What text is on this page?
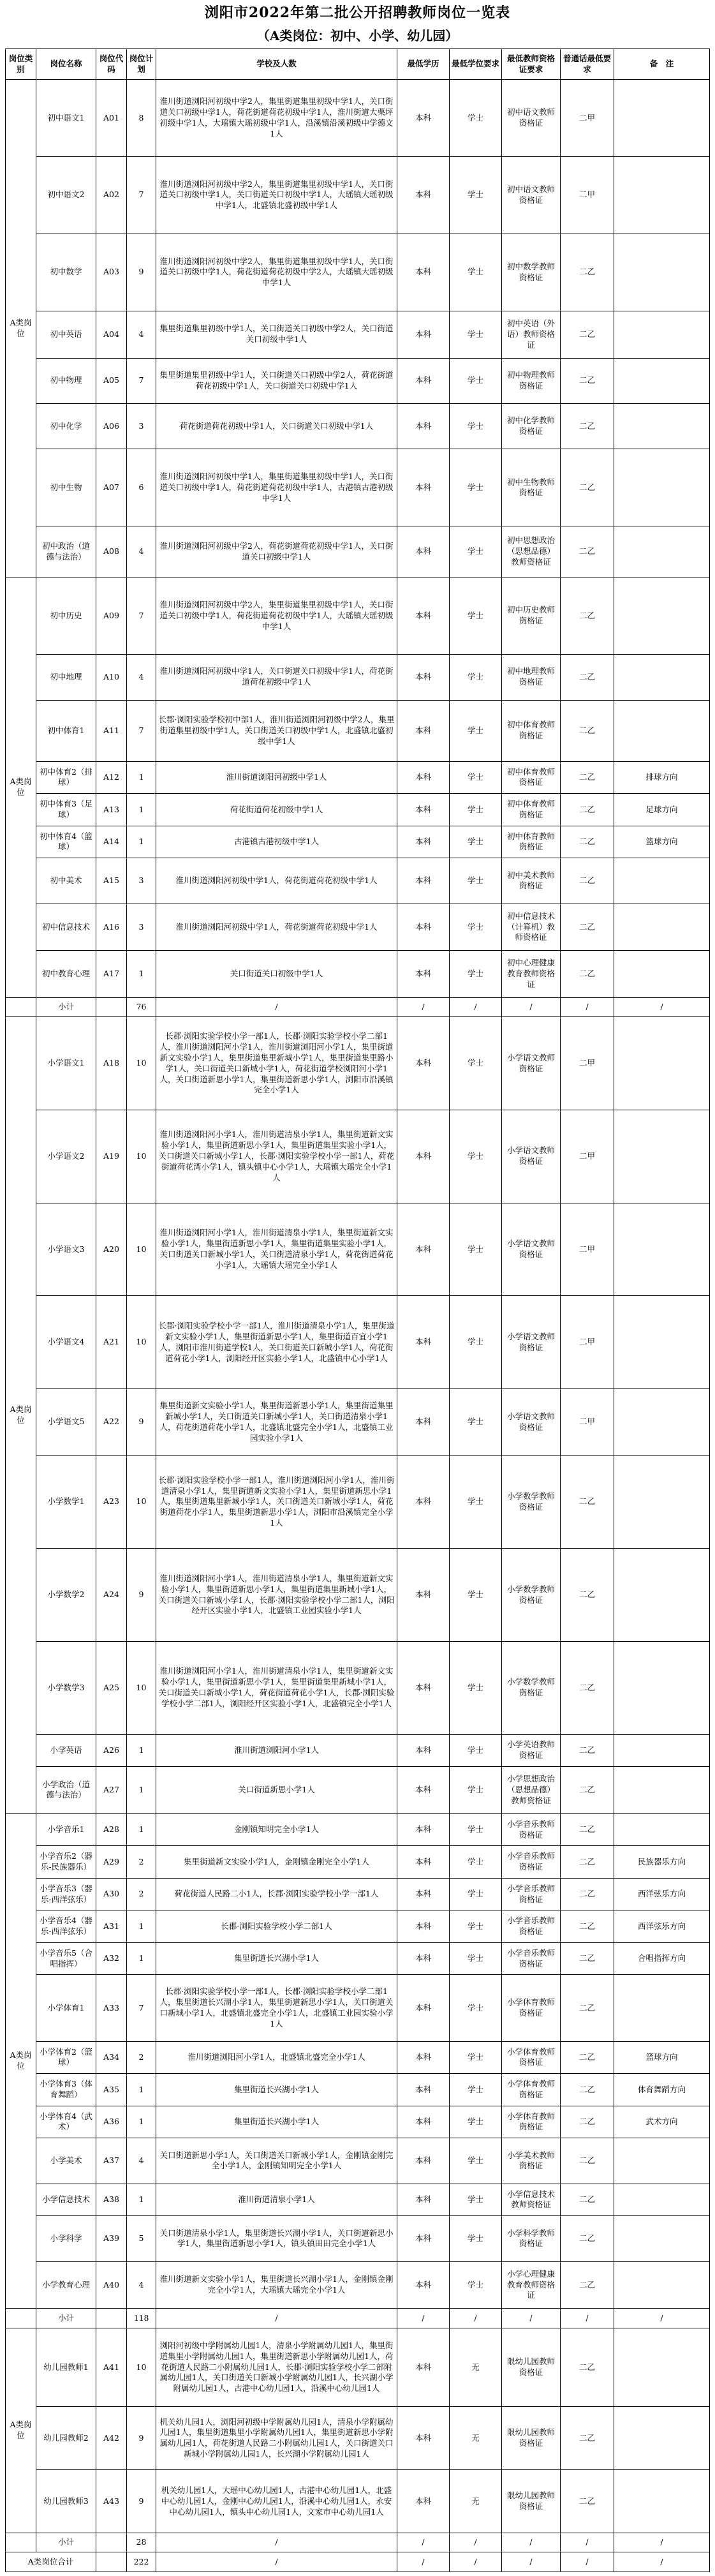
浏阳市2022年第二批公开招聘教师岗位一览表
（A类岗位：初中、小学、幼儿园）
岗位类别	岗位名称	岗位代码	岗位计划	学校及人数	最低学历	最低学位要求	最低教师资格证要求	普通话最低要求	备　注
A类岗位	初中语文1	A01	8	淮川街道浏阳河初级中学2人，集里街道集里初级中学1人，关口街道关口初级中学1人，荷花街道荷花初级中学1人，淮川街道大栗坪初级中学1人，大瑶镇大瑶初级中学1人，沿溪镇沿溪初级中学德文1人	本科	学士	初中语文教师资格证	二甲	
	初中语文2	A02	7	淮川街道浏阳河初级中学2人，集里街道集里初级中学1人，关口街道关口初级中学1人，关口街道关口初级中学1人，大瑶镇大瑶初级中学1人，北盛镇北盛初级中学1人	本科	学士	初中语文教师资格证	二甲	
	初中数学	A03	9	淮川街道浏阳河初级中学2人，集里街道集里初级中学1人，关口街道关口初级中学1人，荷花街道荷花初级中学2人，大瑶镇大瑶初级中学1人	本科	学士	初中数学教师资格证	二乙	
	初中英语	A04	4	集里街道集里初级中学1人，关口街道关口初级中学2人，关口街道关口初级中学1人	本科	学士	初中英语（外语）教师资格证	二乙	
	初中物理	A05	7	集里街道集里初级中学1人，关口街道关口初级中学2人，荷花街道荷花初级中学1人，关口街道关口初级中学1人	本科	学士	初中物理教师资格证	二乙	
	初中化学	A06	3	荷花街道荷花初级中学1人，关口街道关口初级中学1人	本科	学士	初中化学教师资格证	二乙	
	初中生物	A07	6	淮川街道浏阳河初级中学1人，集里街道集里初级中学1人，关口街道关口初级中学1人，荷花街道荷花初级中学1人，古港镇古港初级中学1人	本科	学士	初中生物教师资格证	二乙	
	初中政治（道德与法治）	A08	4	淮川街道浏阳河初级中学2人，荷花街道荷花初级中学1人，关口街道关口初级中学1人	本科	学士	初中思想政治（思想品德）教师资格证	二乙	
A类岗位	初中历史	A09	7	淮川街道浏阳河初级中学2人，集里街道集里初级中学1人，关口街道关口初级中学1人，荷花街道荷花初级中学1人，大瑶镇大瑶初级中学1人	本科	学士	初中历史教师资格证	二乙	
	初中地理	A10	4	淮川街道浏阳河初级中学1人，关口街道关口初级中学1人，荷花街道荷花初级中学1人	本科	学士	初中地理教师资格证	二乙	
	初中体育1	A11	7	长郡·浏阳实验学校初中部1人，淮川街道浏阳河初级中学2人，集里街道集里初级中学1人，关口街道关口初级中学1人，北盛镇北盛初级中学1人	本科	学士	初中体育教师资格证	二乙	
	初中体育2（排球）	A12	1	淮川街道浏阳河初级中学1人	本科	学士	初中体育教师资格证	二乙	排球方向
	初中体育3（足球）	A13	1	荷花街道荷花初级中学1人	本科	学士	初中体育教师资格证	二乙	足球方向
	初中体育4（篮球）	A14	1	古港镇古港初级中学1人	本科	学士	初中体育教师资格证	二乙	篮球方向
	初中美术	A15	3	淮川街道浏阳河初级中学1人，荷花街道荷花初级中学1人	本科	学士	初中美术教师资格证	二乙	
	初中信息技术	A16	3	淮川街道浏阳河初级中学1人，荷花街道荷花初级中学1人	本科	学士	初中信息技术（计算机）教师资格证	二乙	
	初中教育心理	A17	1	关口街道关口初级中学1人	本科	学士	初中心理健康教育教师资格证	二乙	
	小计		76	/	/	/	/	/	/
A类岗位	小学语文1	A18	10	长郡·浏阳实验学校小学一部1人，长郡·浏阳实验学校小学二部1人，淮川街道浏阳河小学1人，淮川街道浏阳河小学1人，集里街道新文实验小学1人，集里街道集里新城小学1人，集里街道集里路小学1人，关口街道关口新城小学1人，荷花街道学校浏阳河小学1人，关口街道新思小学1人，集里街道新思小学1人，浏阳市沿溪镇完全小学1人	本科	学士	小学语文教师资格证	二甲	
	小学语文2	A19	10	淮川街道浏阳河小学1人，淮川街道清泉小学1人，集里街道新文实验小学1人，集里街道新思小学1人，集里街道集里实验小学1人，关口街道关口新城小学1人，长郡·浏阳实验学校小学一部1人，荷花街道荷花湾小学1人，镇头镇中心小学1人，大瑶镇大瑶完全小学1人	本科	学士	小学语文教师资格证	二甲	
	小学语文3	A20	10	淮川街道浏阳河小学1人，淮川街道清泉小学1人，集里街道新文实验小学1人，集里街道新思小学1人，集里街道集里实验小学1人，关口街道关口新城小学1人，关口街道清泉小学1人，荷花街道荷花小学1人，大瑶镇大瑶完全小学1人	本科	学士	小学语文教师资格证	二甲	
	小学语文4	A21	10	长郡·浏阳实验学校小学一部1人，淮川街道清泉小学1人，集里街道新文实验小学1人，集里街道新思小学1人，集里街道百宜小学1人，浏阳市淮川街道学校1人，关口街道关口新城小学1人，荷花街道荷花小学1人，浏阳经开区实验小学1人，北盛镇中心小学1人	本科	学士	小学语文教师资格证	二甲	
	小学语文5	A22	9	集里街道新文实验小学1人，集里街道新思小学1人，集里街道集里新城小学1人，关口街道关口新城小学1人，关口街道清泉小学1人，荷花街道荷花小学1人，北盛镇北盛完全小学1人，北盛镇工业园实验小学1人	本科	学士	小学语文教师资格证	二甲	
	小学数学1	A23	10	长郡·浏阳实验学校小学一部1人，淮川街道浏阳河小学1人，淮川街道清泉小学1人，集里街道新文实验小学1人，集里街道新思小学1人，集里街道集里新城小学1人，关口街道关口新城小学1人，荷花街道荷花小学1人，集里街道新思小学1人，浏阳市沿溪镇完全小学1人	本科	学士	小学数学教师资格证	二乙	
	小学数学2	A24	9	淮川街道浏阳河小学1人，淮川街道清泉小学1人，集里街道新文实验小学1人，集里街道新思小学1人，集里街道集里新城小学1人，关口街道关口新城小学1人，长郡·浏阳实验学校小学二部1人，浏阳经开区实验小学1人，北盛镇工业园实验小学1人	本科	学士	小学数学教师资格证	二乙	
	小学数学3	A25	10	淮川街道浏阳河小学1人，淮川街道清泉小学1人，集里街道新文实验小学1人，集里街道新思小学1人，集里街道集里新城小学1人，关口街道关口新城小学1人，荷花街道荷花小学1人，长郡·浏阳实验学校小学二部1人，浏阳经开区实验小学1人，北盛镇完全小学1人	本科	学士	小学数学教师资格证	二乙	
	小学英语	A26	1	淮川街道浏阳河小学1人	本科	学士	小学英语教师资格证	二乙	
	小学政治（道德与法治）	A27	1	关口街道新思小学1人	本科	学士	小学思想政治（思想品德）教师资格证	二乙	
A类岗位	小学音乐1	A28	1	金刚镇知明完全小学1人	本科	学士	小学音乐教师资格证	二乙	
	小学音乐2（器乐-民族器乐）	A29	2	集里街道新文实验小学1人，金刚镇金刚完全小学1人	本科	学士	小学音乐教师资格证	二乙	民族器乐方向
	小学音乐3（器乐-西洋弦乐）	A30	2	荷花街道人民路二小1人，长郡·浏阳实验学校小学一部1人	本科	学士	小学音乐教师资格证	二乙	西洋弦乐方向
	小学音乐4（器乐-西洋弦乐）	A31	1	长郡·浏阳实验学校小学二部1人	本科	学士	小学音乐教师资格证	二乙	西洋弦乐方向
	小学音乐5（合唱指挥）	A32	1	集里街道长兴湖小学1人	本科	学士	小学音乐教师资格证	二乙	合唱指挥方向
	小学体育1	A33	7	长郡·浏阳实验学校小学一部1人，长郡·浏阳实验学校小学二部1人，集里街道长兴湖小学1人，集里街道新思小学1人，关口街道关口新城小学1人，北盛镇北盛完全小学1人，北盛镇工业园实验小学1人	本科	学士	小学体育教师资格证	二乙	
	小学体育2（篮球）	A34	2	淮川街道浏阳河小学1人，北盛镇北盛完全小学1人	本科	学士	小学体育教师资格证	二乙	篮球方向
	小学体育3（体育舞蹈）	A35	1	集里街道长兴湖小学1人	本科	学士	小学体育教师资格证	二乙	体育舞蹈方向
	小学体育4（武术）	A36	1	集里街道长兴湖小学1人	本科	学士	小学体育教师资格证	二乙	武术方向
	小学美术	A37	4	关口街道新思小学1人，关口街道关口新城小学1人，金刚镇金刚完全小学1人，金刚镇知明完全小学1人	本科	学士	小学美术教师资格证	二乙	
	小学信息技术	A38	1	淮川街道清泉小学1人	本科	学士	小学信息技术教师资格证	二乙	
	小学科学	A39	5	关口街道清泉小学1人，集里街道长兴湖小学1人，关口街道新思小学1人，集里街道新思小学1人，镇头镇田田完全小学1人	本科	学士	小学科学教师资格证	二乙	
	小学教育心理	A40	4	淮川街道新文实验小学1人，集里街道长兴湖小学1人，金刚镇金刚完全小学1人，大瑶镇大瑶完全小学1人	本科	学士	小学心理健康教育教师资格证	二乙	
	小计		118	/	/	/	/	/	/
A类岗位	幼儿园教师1	A41	10	浏阳河初级中学附属幼儿园1人，清泉小学附属幼儿园1人，集里街道集里小学附属幼儿园1人，集里街道新思小学附属幼儿园1人，荷花街道人民路二小附属幼儿园1人，长郡·浏阳实验学校小学二部附属幼儿园1人，关口街道关口新城小学附属幼儿园1人，长兴湖小学附属幼儿园1人，古港中心幼儿园1人，沿溪中心幼儿园1人	本科	无	限幼儿园教师资格证	二乙	
	幼儿园教师2	A42	9	机关幼儿园1人，浏阳河初级中学附属幼儿园1人，清泉小学附属幼儿园1人，集里街道集里小学附属幼儿园1人，集里街道新思小学附属幼儿园1人，荷花街道人民路二小附属幼儿园1人，关口街道关口新城小学附属幼儿园1人，长兴湖小学附属幼儿园1人	本科	无	限幼儿园教师资格证	二乙	
	幼儿园教师3	A43	9	机关幼儿园1人，大瑶中心幼儿园1人，古港中心幼儿园1人，北盛中心幼儿园1人，金刚中心幼儿园1人，沿溪中心幼儿园1人，永安中心幼儿园1人，镇头中心幼儿园1人，文家市中心幼儿园1人	本科	无	限幼儿园教师资格证	二乙	
	小计		28	/	/	/	/	/	/
A类岗位合计			222	/	/	/	/	/	/
